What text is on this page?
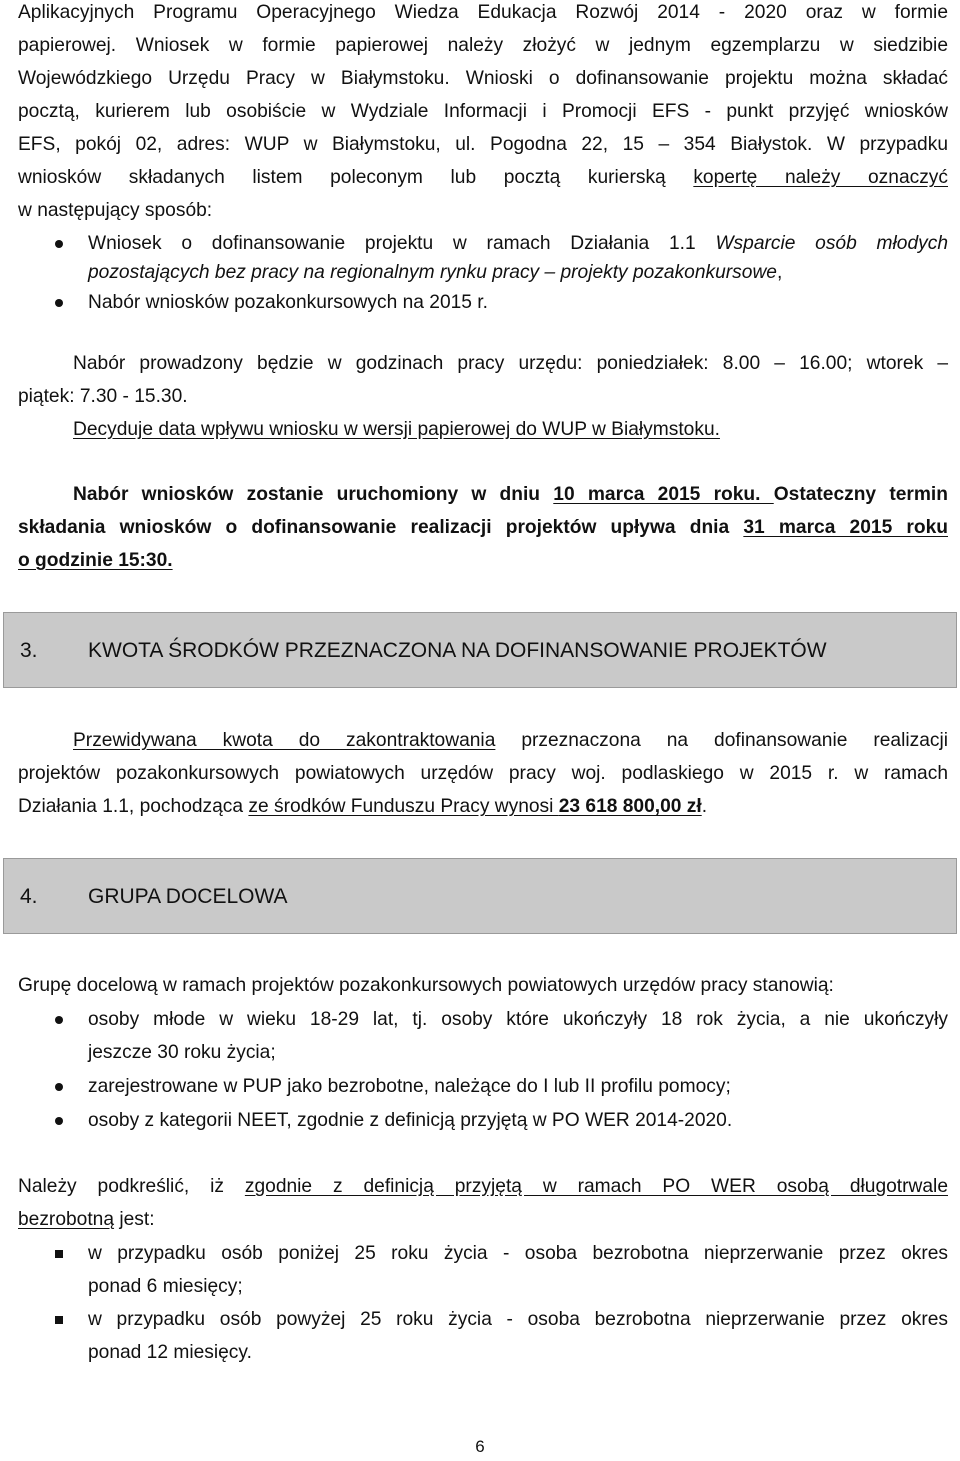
Aplikacyjnych Programu Operacyjnego Wiedza Edukacja Rozwój 2014 - 2020 oraz w formie

papierowej. Wniosek w formie papierowej należy złożyć w jednym egzemplarzu w siedzibie

Wojewódzkiego Urzędu Pracy w Białymstoku. Wnioski o dofinansowanie projektu można składać

pocztą, kurierem lub osobiście w Wydziale Informacji i Promocji EFS - punkt przyjęć wniosków

EFS, pokój 02, adres: WUP w Białymstoku, ul. Pogodna 22, 15 – 354 Białystok. W przypadku

wniosków składanych listem poleconym lub pocztą kurierską kopertę należy oznaczyć

w następujący sposób:

Wniosek o dofinansowanie projektu w ramach Działania 1.1 Wsparcie osób młodych

pozostających bez pracy na regionalnym rynku pracy – projekty pozakonkursowe,

Nabór wniosków pozakonkursowych na 2015 r.

Nabór prowadzony będzie w godzinach pracy urzędu: poniedziałek: 8.00 – 16.00; wtorek –

piątek: 7.30 - 15.30.

Decyduje data wpływu wniosku w wersji papierowej do WUP w Białymstoku.

Nabór wniosków zostanie uruchomiony w dniu 10 marca 2015 roku. Ostateczny termin

składania wniosków o dofinansowanie realizacji projektów upływa dnia 31 marca 2015 roku

o godzinie 15:30.

3. KWOTA ŚRODKÓW PRZEZNACZONA NA DOFINANSOWANIE PROJEKTÓW

Przewidywana kwota do zakontraktowania przeznaczona na dofinansowanie realizacji

projektów pozakonkursowych powiatowych urzędów pracy woj. podlaskiego w 2015 r. w ramach

Działania 1.1, pochodząca ze środków Funduszu Pracy wynosi 23 618 800,00 zł.

4. GRUPA DOCELOWA

Grupę docelową w ramach projektów pozakonkursowych powiatowych urzędów pracy stanowią:

osoby młode w wieku 18-29 lat, tj. osoby które ukończyły 18 rok życia, a nie ukończyły

jeszcze 30 roku życia;

zarejestrowane w PUP jako bezrobotne, należące do I lub II profilu pomocy;

osoby z kategorii NEET, zgodnie z definicją przyjętą w PO WER 2014-2020.

Należy podkreślić, iż zgodnie z definicją przyjętą w ramach PO WER osobą długotrwale

bezrobotną jest:

w przypadku osób poniżej 25 roku życia - osoba bezrobotna nieprzerwanie przez okres

ponad 6 miesięcy;

w przypadku osób powyżej 25 roku życia - osoba bezrobotna nieprzerwanie przez okres

ponad 12 miesięcy.

6
